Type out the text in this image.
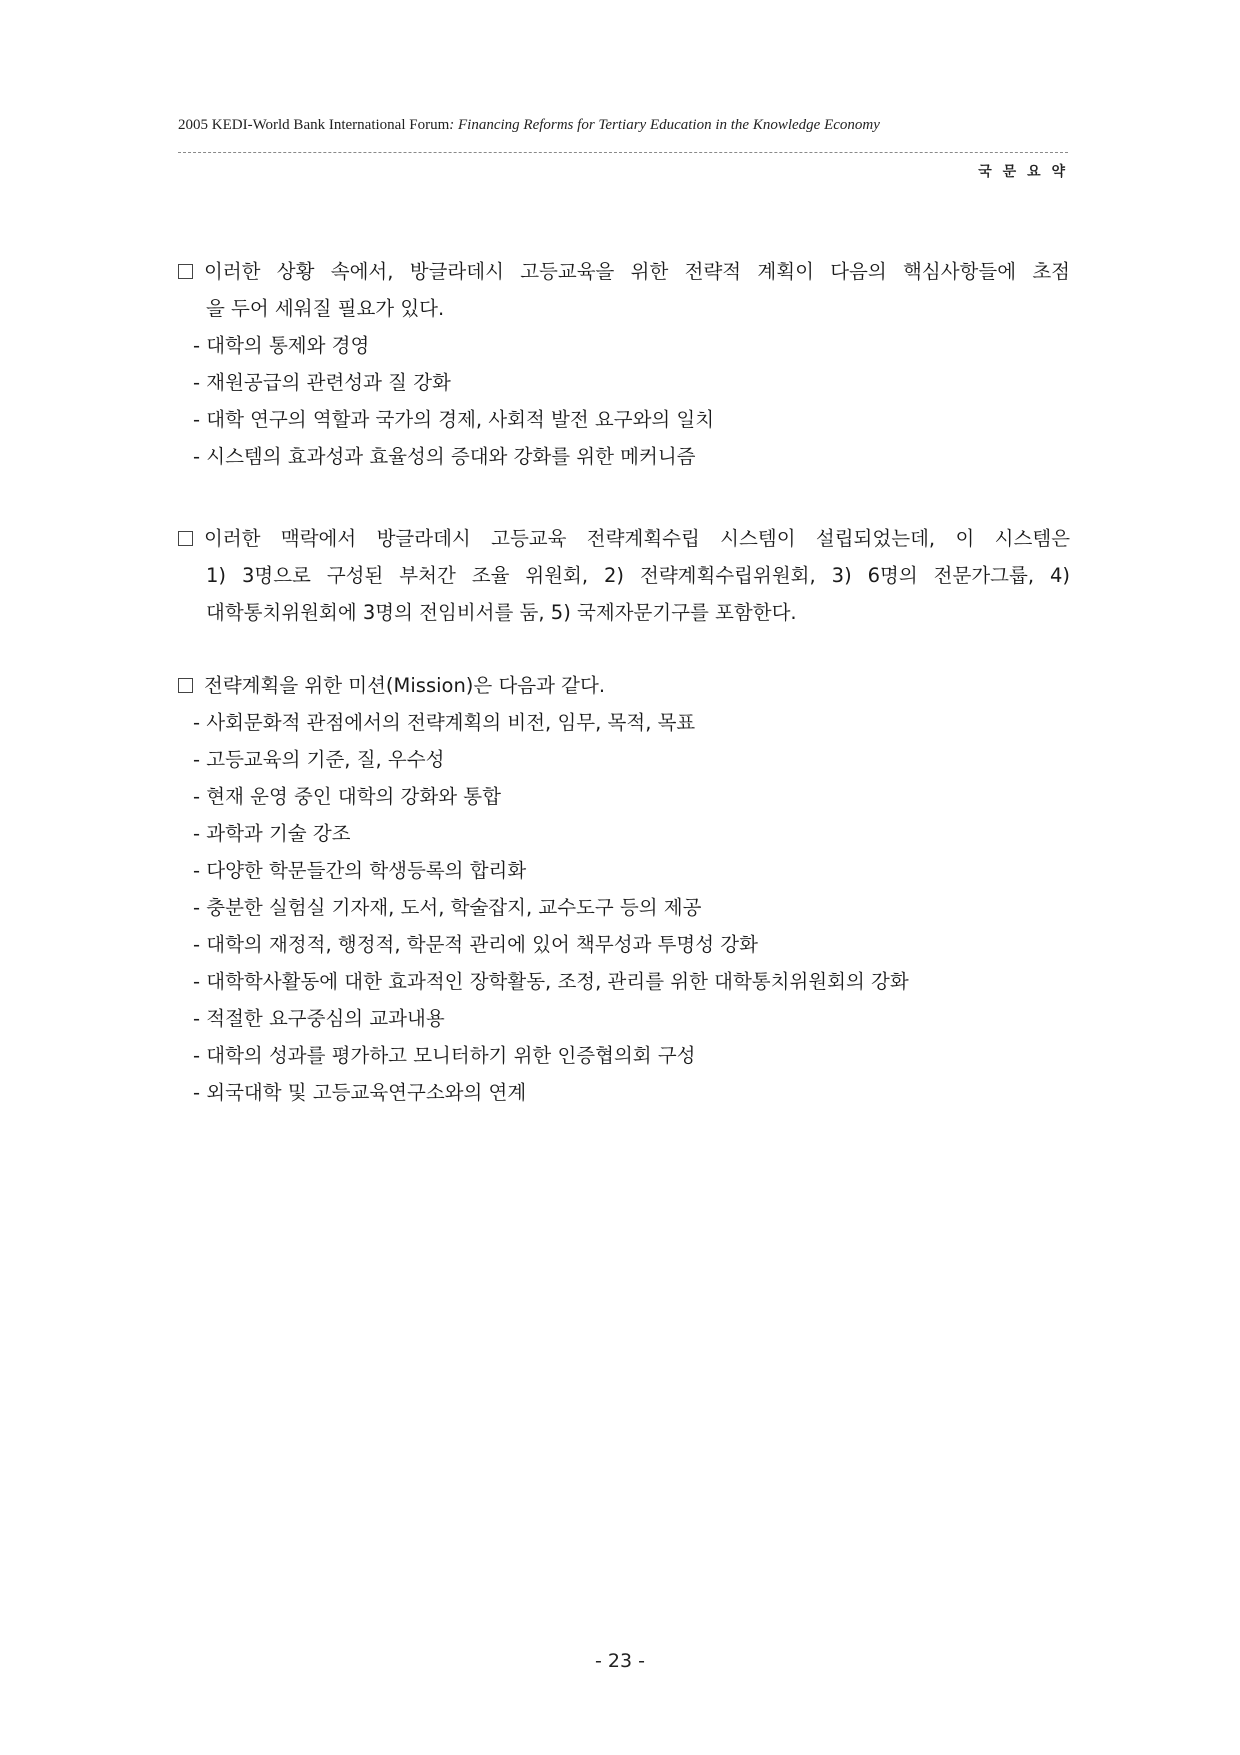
2005 KEDI-World Bank International Forum: Financing Reforms for Tertiary Education in the Knowledge Economy
국 문 요 약
이러한 상황 속에서, 방글라데시 고등교육을 위한 전략적 계획이 다음의 핵심사항들에 초점
을 두어 세워질 필요가 있다.
- 대학의 통제와 경영
- 재원공급의 관련성과 질 강화
- 대학 연구의 역할과 국가의 경제, 사회적 발전 요구와의 일치
- 시스템의 효과성과 효율성의 증대와 강화를 위한 메커니즘
이러한 맥락에서 방글라데시 고등교육 전략계획수립 시스템이 설립되었는데, 이 시스템은
1) 3명으로 구성된 부처간 조율 위원회, 2) 전략계획수립위원회, 3) 6명의 전문가그룹, 4)
대학통치위원회에 3명의 전임비서를 둠, 5) 국제자문기구를 포함한다.
전략계획을 위한 미션(Mission)은 다음과 같다.
- 사회문화적 관점에서의 전략계획의 비전, 임무, 목적, 목표
- 고등교육의 기준, 질, 우수성
- 현재 운영 중인 대학의 강화와 통합
- 과학과 기술 강조
- 다양한 학문들간의 학생등록의 합리화
- 충분한 실험실 기자재, 도서, 학술잡지, 교수도구 등의 제공
- 대학의 재정적, 행정적, 학문적 관리에 있어 책무성과 투명성 강화
- 대학학사활동에 대한 효과적인 장학활동, 조정, 관리를 위한 대학통치위원회의 강화
- 적절한 요구중심의 교과내용
- 대학의 성과를 평가하고 모니터하기 위한 인증협의회 구성
- 외국대학 및 고등교육연구소와의 연계
- 23 -
